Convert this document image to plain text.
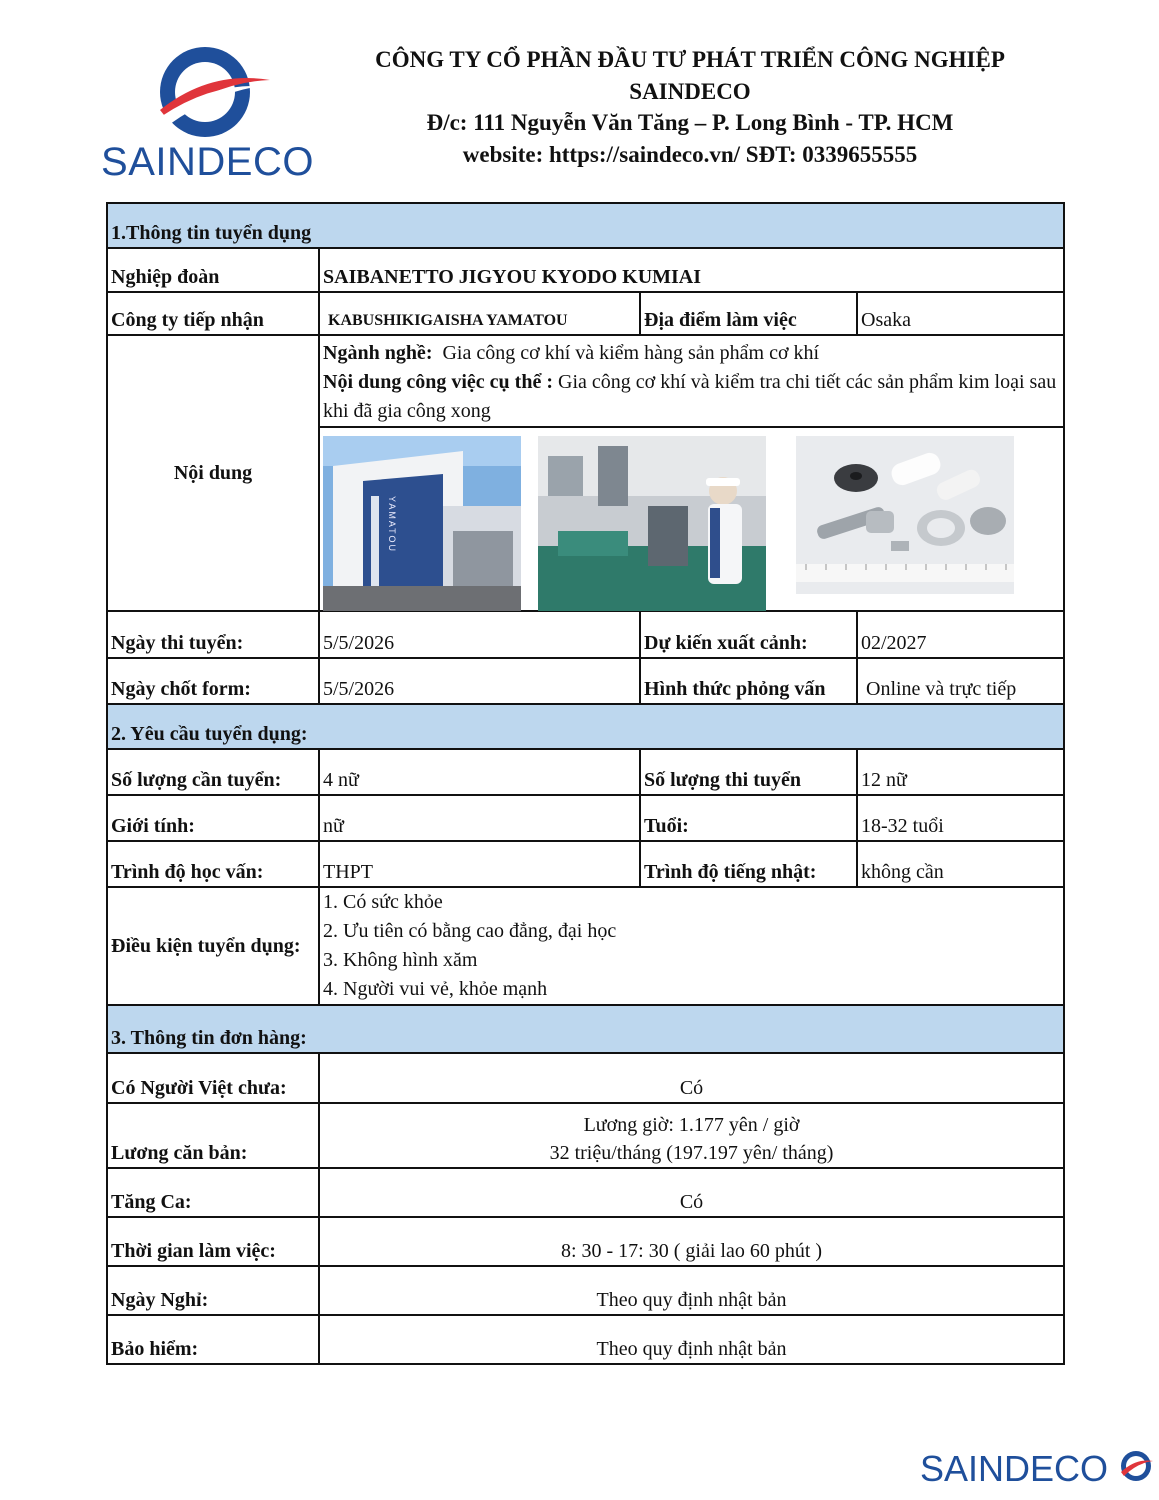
SAINDECO
CÔNG TY CỔ PHẦN ĐẦU TƯ PHÁT TRIỂN CÔNG NGHIỆP
SAINDECO
Đ/c: 111 Nguyễn Văn Tăng – P. Long Bình - TP. HCM
website: https://saindeco.vn/ SĐT: 0339655555
1.Thông tin tuyển dụng			
Nghiệp đoàn	SAIBANETTO JIGYOU KYODO KUMIAI		
Công ty tiếp nhận	KABUSHIKIGAISHA YAMATOU	Địa điểm làm việc	Osaka
Nội dung	Ngành nghề: Gia công cơ khí và kiểm hàng sản phẩm cơ khí
Nội dung công việc cụ thể : Gia công cơ khí và kiểm tra chi tiết các sản phẩm kim loại sau khi đã gia công xong		

	YAMATOU		

Ngày thi tuyển:	5/5/2026	Dự kiến xuất cảnh:	02/2027
Ngày chốt form:	5/5/2026	Hình thức phỏng vấn	Online và trực tiếp
2. Yêu cầu tuyển dụng:			
Số lượng cần tuyển:	4 nữ	Số lượng thi tuyển	12 nữ
Giới tính:	nữ	Tuổi:	18-32 tuổi
Trình độ học vấn:	THPT	Trình độ tiếng nhật:	không cần
Điều kiện tuyển dụng:	1. Có sức khỏe
2. Ưu tiên có bằng cao đẳng, đại học
3. Không hình xăm
4. Người vui vẻ, khỏe mạnh		

3. Thông tin đơn hàng:			
Có Người Việt chưa:	Có		
Lương căn bản:	Lương giờ: 1.177 yên / giờ
32 triệu/tháng (197.197 yên/ tháng)		

Tăng Ca:	Có		
Thời gian làm việc:	8: 30 - 17: 30 ( giải lao 60 phút )		
Ngày Nghỉ:	Theo quy định nhật bản		
Bảo hiểm:	Theo quy định nhật bản		
SAINDECO
